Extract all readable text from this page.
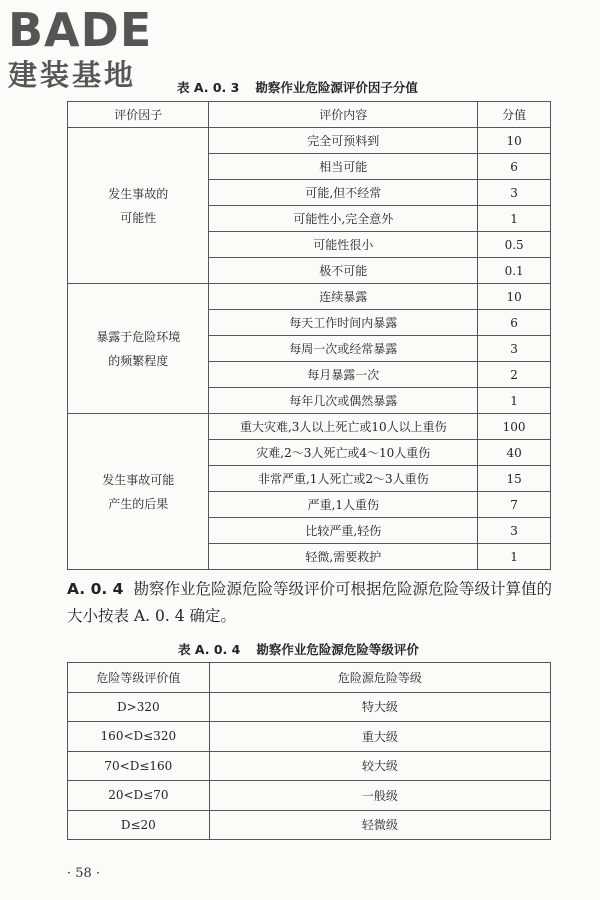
BADE
建装基地	表 A. 0. 3 勘察作业危险源评价因子分值
评价因子	评价内容	分值

发生事故的
可能性	完全可预料到	10
	相当可能	6
	可能,但不经常	3
	可能性小,完全意外	1
	可能性很小	0.5
	极不可能	0.1

暴露于危险环境
的频繁程度	连续暴露	10
	每天工作时间内暴露	6
	每周一次或经常暴露	3
	每月暴露一次	2
	每年几次或偶然暴露	1

发生事故可能
产生的后果	重大灾难,3人以上死亡或10人以上重伤	100
	灾难,2～3人死亡或4～10人重伤	40
	非常严重,1人死亡或2～3人重伤	15
	严重,1人重伤	7
	比较严重,轻伤	3
	轻微,需要救护	1
A. 0. 4 勘察作业危险源危险等级评价可根据危险源危险等级计算值的大小按表 A. 0. 4 确定。
表 A. 0. 4 勘察作业危险源危险等级评价
危险等级评价值	危险源危险等级
D>320	特大级
160<D≤320	重大级
70<D≤160	较大级
20<D≤70	一般级
D≤20	轻微级
· 58 ·
